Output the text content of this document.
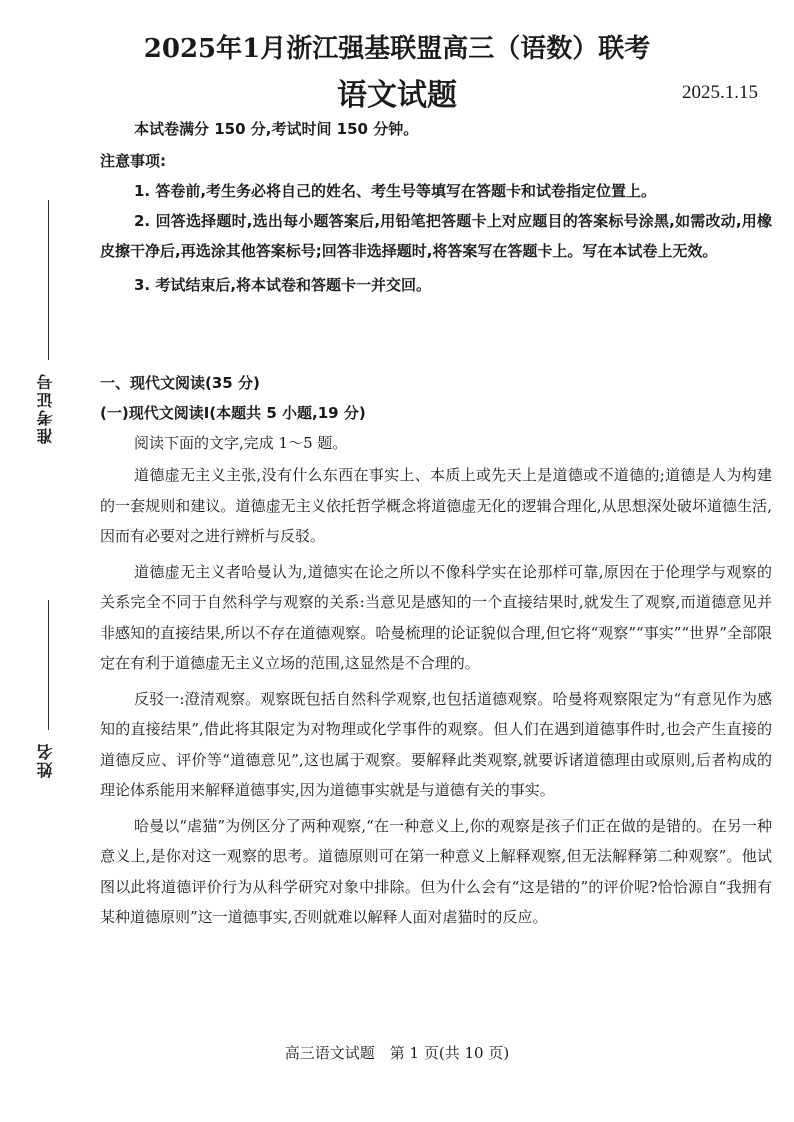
2025年1月浙江强基联盟高三（语数）联考
语文试题	2025.1.15
本试卷满分 150 分,考试时间 150 分钟。
注意事项:

1. 答卷前,考生务必将自己的姓名、考生号等填写在答题卡和试卷指定位置上。

2. 回答选择题时,选出每小题答案后,用铅笔把答题卡上对应题目的答案标号涂黑,如需改动,用橡皮擦干净后,再选涂其他答案标号;回答非选择题时,将答案写在答题卡上。写在本试卷上无效。

3. 考试结束后,将本试卷和答题卡一并交回。

一、现代文阅读(35 分)
(一)现代文阅读Ⅰ(本题共 5 小题,19 分)
阅读下面的文字,完成 1～5 题。

道德虚无主义主张,没有什么东西在事实上、本质上或先天上是道德或不道德的;道德是人为构建的一套规则和建议。道德虚无主义依托哲学概念将道德虚无化的逻辑合理化,从思想深处破坏道德生活,因而有必要对之进行辨析与反驳。

道德虚无主义者哈曼认为,道德实在论之所以不像科学实在论那样可靠,原因在于伦理学与观察的关系完全不同于自然科学与观察的关系:当意见是感知的一个直接结果时,就发生了观察,而道德意见并非感知的直接结果,所以不存在道德观察。哈曼梳理的论证貌似合理,但它将“观察”“事实”“世界”全部限定在有利于道德虚无主义立场的范围,这显然是不合理的。

反驳一:澄清观察。观察既包括自然科学观察,也包括道德观察。哈曼将观察限定为“有意见作为感知的直接结果”,借此将其限定为对物理或化学事件的观察。但人们在遇到道德事件时,也会产生直接的道德反应、评价等“道德意见”,这也属于观察。要解释此类观察,就要诉诸道德理由或原则,后者构成的理论体系能用来解释道德事实,因为道德事实就是与道德有关的事实。

哈曼以“虐猫”为例区分了两种观察,“在一种意义上,你的观察是孩子们正在做的是错的。在另一种意义上,是你对这一观察的思考。道德原则可在第一种意义上解释观察,但无法解释第二种观察”。他试图以此将道德评价行为从科学研究对象中排除。但为什么会有“这是错的”的评价呢?恰恰源自“我拥有某种道德原则”这一道德事实,否则就难以解释人面对虐猫时的反应。

准考证号
姓名
高三语文试题　第 1 页(共 10 页)
